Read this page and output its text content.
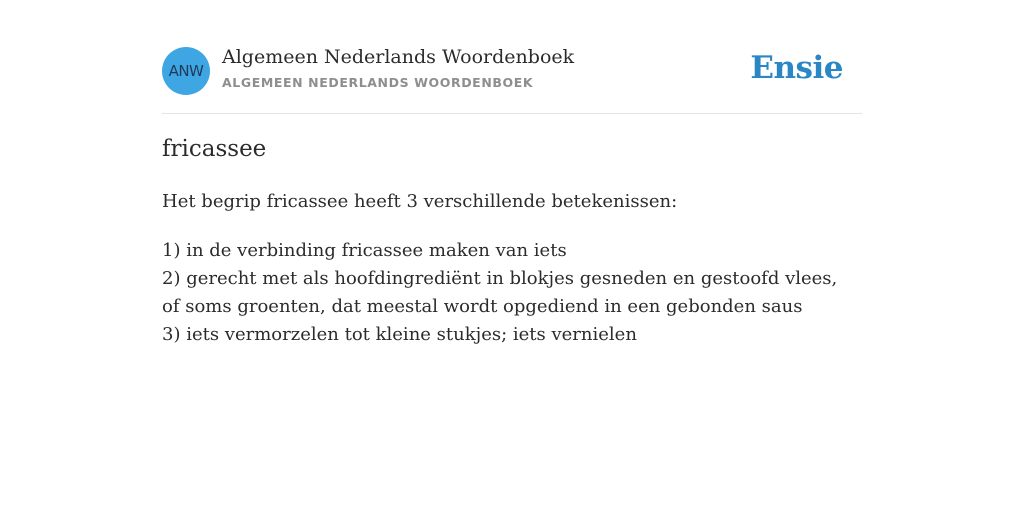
ANW
Algemeen Nederlands Woordenboek
ALGEMEEN NEDERLANDS WOORDENBOEK	Ensie
fricassee
Het begrip fricassee heeft 3 verschillende betekenissen:
1) in de verbinding fricassee maken van iets
2) gerecht met als hoofdingrediënt in blokjes gesneden en gestoofd vlees, of soms groenten, dat meestal wordt opgediend in een gebonden saus
3) iets vermorzelen tot kleine stukjes; iets vernielen
